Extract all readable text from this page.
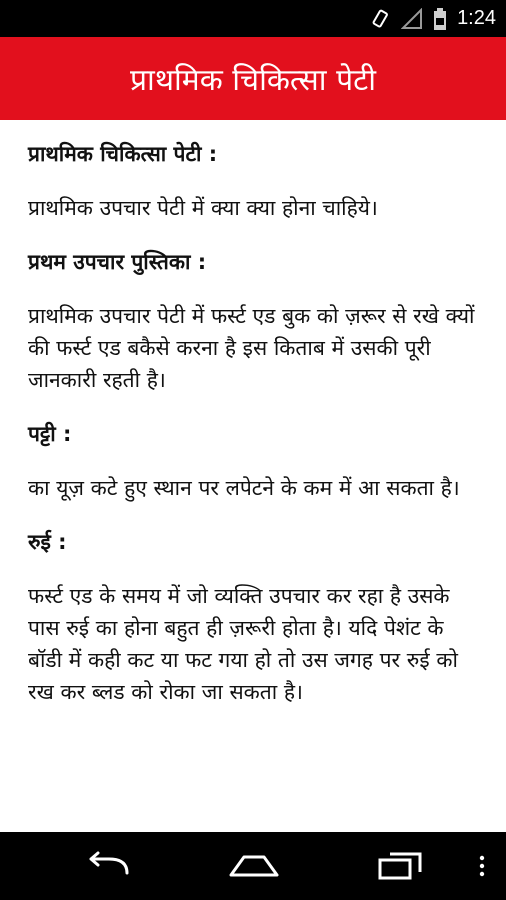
1:24
प्राथमिक चिकित्सा पेटी

प्राथमिक चिकित्सा पेटी :

प्राथमिक उपचार पेटी में क्या क्या होना चाहिये।

प्रथम उपचार पुस्तिका :

प्राथमिक उपचार पेटी में फर्स्ट एड बुक को ज़रूर से रखे क्यों की फर्स्ट एड बकैसे करना है इस किताब में उसकी पूरी जानकारी रहती है।

पट्टी :

का यूज़ कटे हुए स्थान पर लपेटने के कम में आ सकता है।

रुई :

फर्स्ट एड के समय में जो व्यक्ति उपचार कर रहा है उसके पास रुई का होना बहुत ही ज़रूरी होता है। यदि पेशंट के बॉडी में कही कट या फट गया हो तो उस जगह पर रुई को रख कर ब्लड को रोका जा सकता है।
